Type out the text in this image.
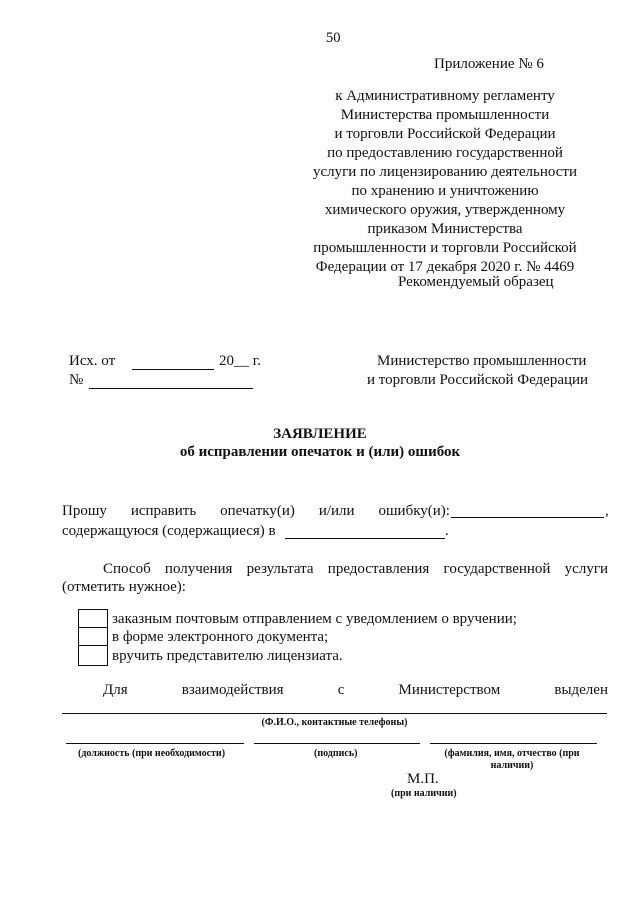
50
Приложение № 6
к Административному регламенту
Министерства промышленности
и торговли Российской Федерации
по предоставлению государственной
услуги по лицензированию деятельности
по хранению и уничтожению
химического оружия, утвержденному
приказом Министерства
промышленности и торговли Российской
Федерации от 17 декабря 2020 г. № 4469
Рекомендуемый образец
Исх. от	20__ г.
№
Министерство промышленности
и торговли Российской Федерации
ЗАЯВЛЕНИЕ
об исправлении опечаток и (или) ошибок
Прошу исправить опечатку(и) и/или ошибку(и):	,
содержащуюся (содержащиеся) в	.
Способ получения результата предоставления государственной услуги
(отметить нужное):
заказным почтовым отправлением с уведомлением о вручении;
в форме электронного документа;
вручить представителю лицензиата.
Для	взаимодействия	с	Министерством	выделен
(Ф.И.О., контактные телефоны)
(должность (при необходимости)	(подпись)	(фамилия, имя, отчество (при
наличии)
М.П.
(при наличии)
